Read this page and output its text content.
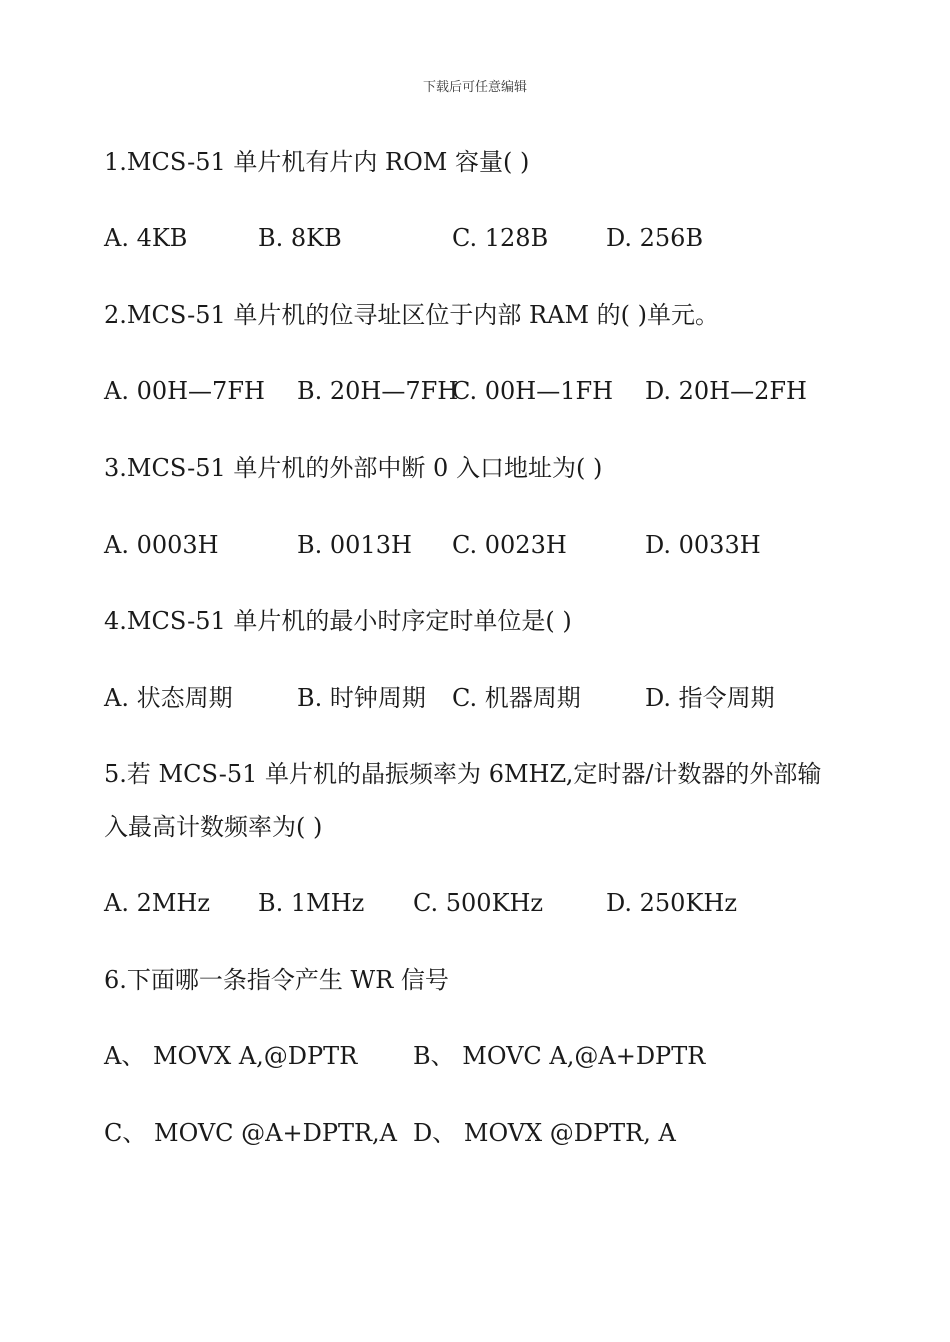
下载后可任意编辑
1.MCS-51 单片机有片内 ROM 容量( )
A. 4KB	B. 8KB	C. 128B D. 256B
2.MCS-51 单片机的位寻址区位于内部 RAM 的( )单元。
A. 00H—7FH B. 20H—7FH
C. 00H—1FH D. 20H—2FH
3.MCS-51 单片机的外部中断 0 入口地址为( )
A. 0003H	B. 0013H C. 0023H	D. 0033H
4.MCS-51 单片机的最小时序定时单位是( )
A. 状态周期	B. 时钟周期 C. 机器周期	D. 指令周期
5.若 MCS-51 单片机的晶振频率为 6MHZ,定时器/计数器的外部输
入最高计数频率为( )
A. 2MHz B. 1MHz C. 500KHz	D. 250KHz
6.下面哪一条指令产生 WR 信号
A、 MOVX A,@DPTR B、 MOVC A,@A+DPTR
C、 MOVC @A+DPTR,A D、 MOVX @DPTR, A
